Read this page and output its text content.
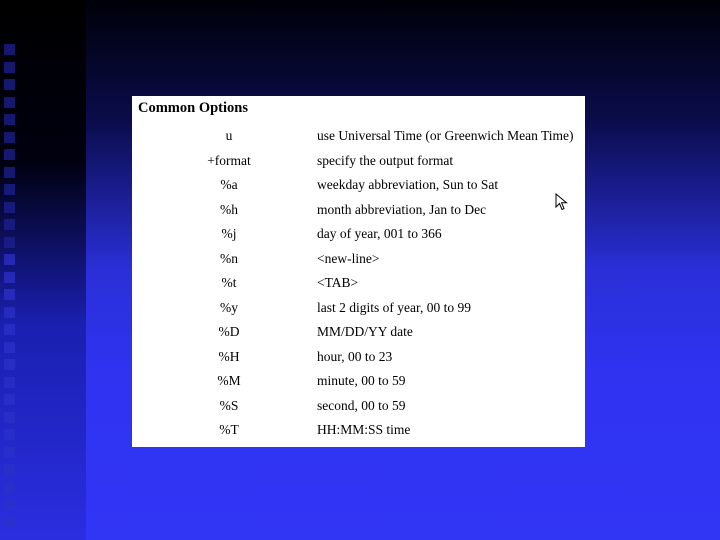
Common Options
u	use Universal Time (or Greenwich Mean Time)
+format	specify the output format
%a	weekday abbreviation, Sun to Sat
%h	month abbreviation, Jan to Dec
%j	day of year, 001 to 366
%n	<new-line>
%t	<TAB>
%y	last 2 digits of year, 00 to 99
%D	MM/DD/YY date
%H	hour, 00 to 23
%M	minute, 00 to 59
%S	second, 00 to 59
%T	HH:MM:SS time
